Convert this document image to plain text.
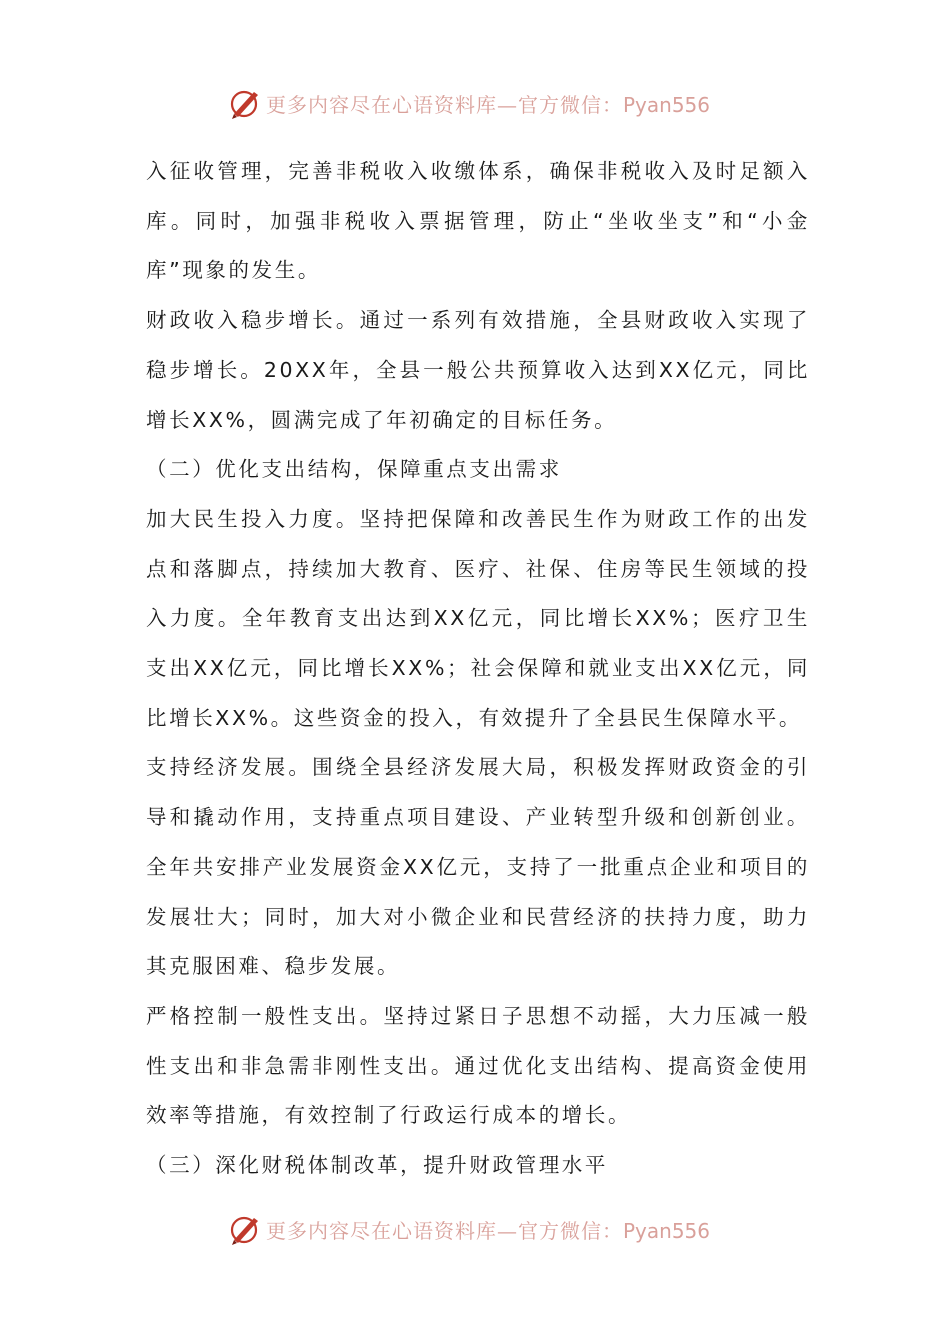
更多内容尽在心语资料库—官方微信：Pyan556

入征收管理，完善非税收入收缴体系，确保非税收入及时足额入库。同时，加强非税收入票据管理，防止“坐收坐支”和“小金库”现象的发生。

财政收入稳步增长。通过一系列有效措施，全县财政收入实现了稳步增长。20XX年，全县一般公共预算收入达到XX亿元，同比增长XX%，圆满完成了年初确定的目标任务。

（二）优化支出结构，保障重点支出需求

加大民生投入力度。坚持把保障和改善民生作为财政工作的出发点和落脚点，持续加大教育、医疗、社保、住房等民生领域的投入力度。全年教育支出达到XX亿元，同比增长XX%；医疗卫生支出XX亿元，同比增长XX%；社会保障和就业支出XX亿元，同比增长XX%。这些资金的投入，有效提升了全县民生保障水平。

支持经济发展。围绕全县经济发展大局，积极发挥财政资金的引导和撬动作用，支持重点项目建设、产业转型升级和创新创业。全年共安排产业发展资金XX亿元，支持了一批重点企业和项目的发展壮大；同时，加大对小微企业和民营经济的扶持力度，助力其克服困难、稳步发展。

严格控制一般性支出。坚持过紧日子思想不动摇，大力压减一般性支出和非急需非刚性支出。通过优化支出结构、提高资金使用效率等措施，有效控制了行政运行成本的增长。

（三）深化财税体制改革，提升财政管理水平

更多内容尽在心语资料库—官方微信：Pyan556
